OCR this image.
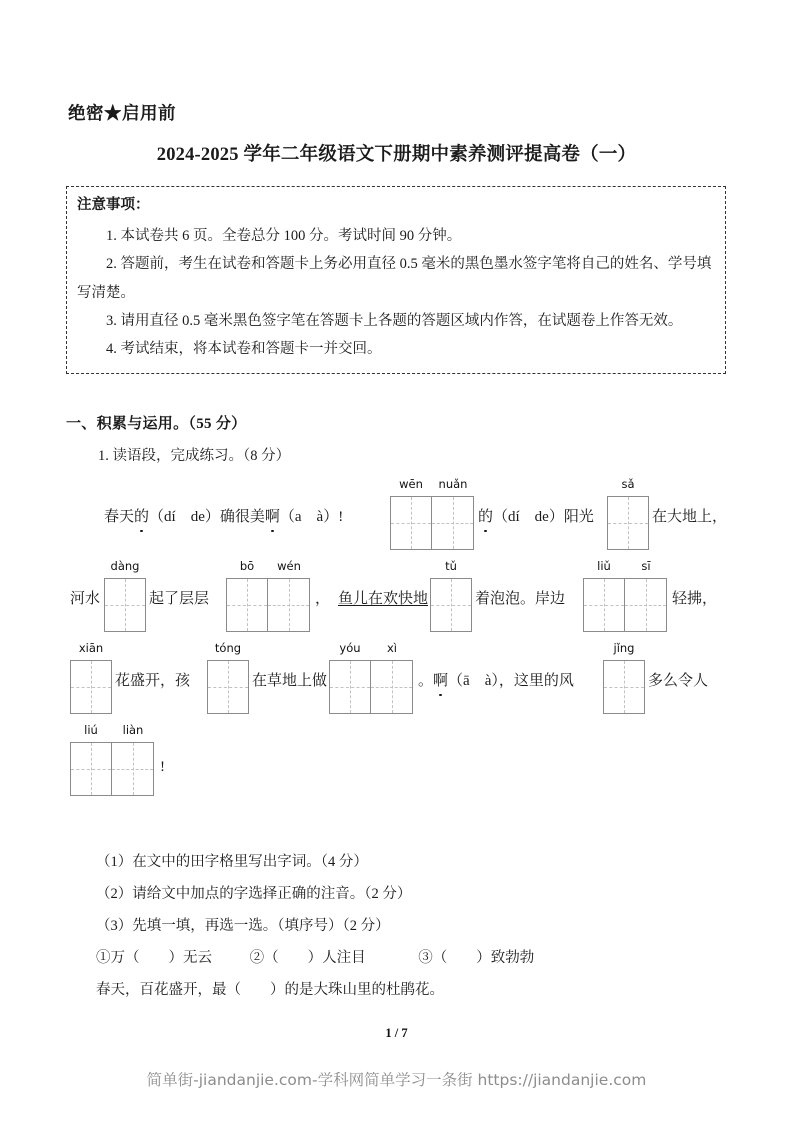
绝密★启用前
2024-2025 学年二年级语文下册期中素养测评提高卷（一）
注意事项：

1. 本试卷共 6 页。全卷总分 100 分。考试时间 90 分钟。

2. 答题前，考生在试卷和答题卡上务必用直径 0.5 毫米的黑色墨水签字笔将自己的姓名、学号填写清楚。

3. 请用直径 0.5 毫米黑色签字笔在答题卡上各题的答题区域内作答，在试题卷上作答无效。

4. 考试结束，将本试卷和答题卡一并交回。

一、积累与运用。（55 分）
1. 读语段，完成练习。（8 分）
春天的（dí　de）确很美啊（a　à）!
wēn	nuǎn
的（dí　de）阳光
sǎ
在大地上，
河水
dàng
起了层层
bō	wén
， 鱼儿在欢快地
tǔ
着泡泡。岸边
liǔ	sī
轻拂，
xiān
花盛开，孩
tóng
在草地上做
yóu	xì
。啊（ā　à），这里的风
jǐng
多么令人
liú	liàn
!
（1）在文中的田字格里写出字词。（4 分）
（2）请给文中加点的字选择正确的注音。（2 分）
（3）先填一填，再选一选。（填序号）（2 分）
①万（　　）无云	②（　　）人注目	③（　　）致勃勃
春天，百花盛开，最（　　）的是大珠山里的杜鹃花。
1 / 7
简单街-jiandanjie.com-学科网简单学习一条街 https://jiandanjie.com
